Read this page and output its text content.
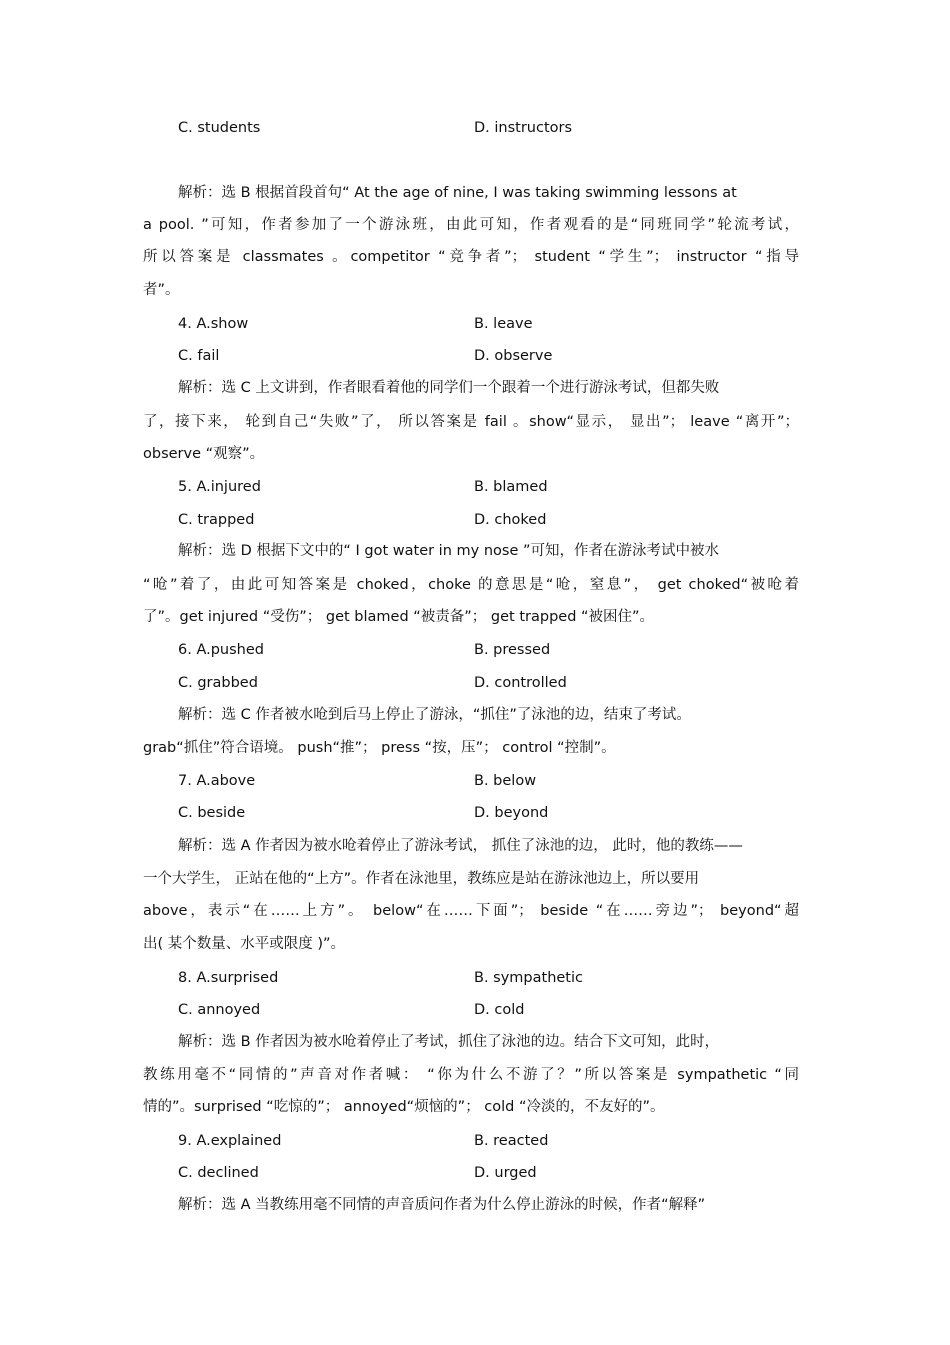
C. students	D. instructors
解析：选 B 根据首段首句“ At the age of nine, I was taking swimming lessons at
a pool. ”可知，作者参加了一个游泳班，由此可知，作者观看的是“同班同学”轮流考试，
所以答案是 classmates 。competitor “竞争者”； student “学生”； instructor “指导
者”。
4. A.show	B. leave
C. fail	D. observe
解析：选 C 上文讲到，作者眼看着他的同学们一个跟着一个进行游泳考试，但都失败
了，接下来， 轮到自己“失败”了， 所以答案是 fail 。show“显示， 显出”； leave “离开”；
observe “观察”。
5. A.injured	B. blamed
C. trapped	D. choked
解析：选 D 根据下文中的“ I got water in my nose ”可知，作者在游泳考试中被水
“呛”着了，由此可知答案是 choked，choke 的意思是“呛，窒息”， get choked“被呛着
了”。get injured “受伤”； get blamed “被责备”； get trapped “被困住”。
6. A.pushed	B. pressed
C. grabbed	D. controlled
解析：选 C 作者被水呛到后马上停止了游泳，“抓住”了泳池的边，结束了考试。
grab“抓住”符合语境。 push“推”； press “按，压”； control “控制”。
7. A.above	B. below
C. beside	D. beyond
解析：选 A 作者因为被水呛着停止了游泳考试， 抓住了泳池的边， 此时，他的教练——
一个大学生， 正站在他的“上方”。作者在泳池里，教练应是站在游泳池边上，所以要用
above，表示“在……上方”。 below“在……下面”； beside “在……旁边”； beyond“超
出( 某个数量、水平或限度 )”。
8. A.surprised	B. sympathetic
C. annoyed	D. cold
解析：选 B 作者因为被水呛着停止了考试，抓住了泳池的边。结合下文可知，此时，
教练用毫不“同情的”声音对作者喊： “你为什么不游了？”所以答案是 sympathetic “同
情的”。surprised “吃惊的”； annoyed“烦恼的”； cold “冷淡的，不友好的”。
9. A.explained	B. reacted
C. declined	D. urged
解析：选 A 当教练用毫不同情的声音质问作者为什么停止游泳的时候，作者“解释”
